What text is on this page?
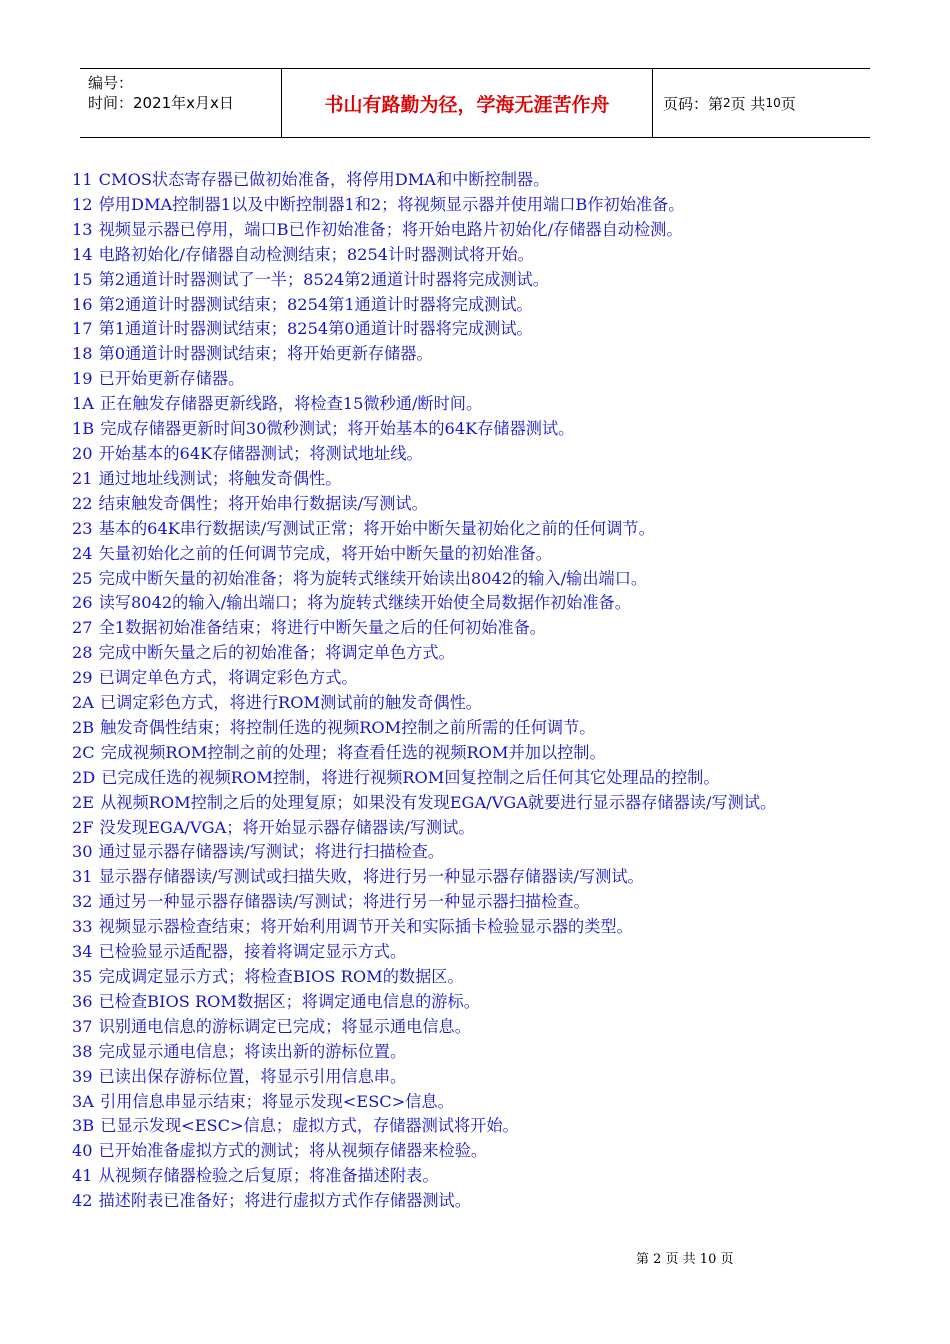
编号：
时间：2021年x月x日	书山有路勤为径，学海无涯苦作舟	页码：第 2 页 共 10 页
11 CMOS状态寄存器已做初始准备，将停用DMA和中断控制器。
12 停用DMA控制器1以及中断控制器1和2；将视频显示器并使用端口B作初始准备。
13 视频显示器已停用，端口B已作初始准备；将开始电路片初始化/存储器自动检测。
14 电路初始化/存储器自动检测结束；8254计时器测试将开始。
15 第2通道计时器测试了一半；8524第2通道计时器将完成测试。
16 第2通道计时器测试结束；8254第1通道计时器将完成测试。
17 第1通道计时器测试结束；8254第0通道计时器将完成测试。
18 第0通道计时器测试结束；将开始更新存储器。
19 已开始更新存储器。
1A 正在触发存储器更新线路，将检查15微秒通/断时间。
1B 完成存储器更新时间30微秒测试；将开始基本的64K存储器测试。
20 开始基本的64K存储器测试；将测试地址线。
21 通过地址线测试；将触发奇偶性。
22 结束触发奇偶性；将开始串行数据读/写测试。
23 基本的64K串行数据读/写测试正常；将开始中断矢量初始化之前的任何调节。
24 矢量初始化之前的任何调节完成，将开始中断矢量的初始准备。
25 完成中断矢量的初始准备；将为旋转式继续开始读出8042的输入/输出端口。
26 读写8042的输入/输出端口；将为旋转式继续开始使全局数据作初始准备。
27 全1数据初始准备结束；将进行中断矢量之后的任何初始准备。
28 完成中断矢量之后的初始准备；将调定单色方式。
29 已调定单色方式，将调定彩色方式。
2A 已调定彩色方式，将进行ROM测试前的触发奇偶性。
2B 触发奇偶性结束；将控制任选的视频ROM控制之前所需的任何调节。
2C 完成视频ROM控制之前的处理；将查看任选的视频ROM并加以控制。
2D 已完成任选的视频ROM控制，将进行视频ROM回复控制之后任何其它处理品的控制。
2E 从视频ROM控制之后的处理复原；如果没有发现EGA/VGA就要进行显示器存储器读/写测试。
2F 没发现EGA/VGA；将开始显示器存储器读/写测试。
30 通过显示器存储器读/写测试；将进行扫描检查。
31 显示器存储器读/写测试或扫描失败，将进行另一种显示器存储器读/写测试。
32 通过另一种显示器存储器读/写测试；将进行另一种显示器扫描检查。
33 视频显示器检查结束；将开始利用调节开关和实际插卡检验显示器的类型。
34 已检验显示适配器，接着将调定显示方式。
35 完成调定显示方式；将检查BIOS ROM的数据区。
36 已检查BIOS ROM数据区；将调定通电信息的游标。
37 识别通电信息的游标调定已完成；将显示通电信息。
38 完成显示通电信息；将读出新的游标位置。
39 已读出保存游标位置，将显示引用信息串。
3A 引用信息串显示结束；将显示发现<ESC>信息。
3B 已显示发现<ESC>信息；虚拟方式，存储器测试将开始。
40 已开始准备虚拟方式的测试；将从视频存储器来检验。
41 从视频存储器检验之后复原；将准备描述附表。
42 描述附表已准备好；将进行虚拟方式作存储器测试。
第 2 页 共 10 页
